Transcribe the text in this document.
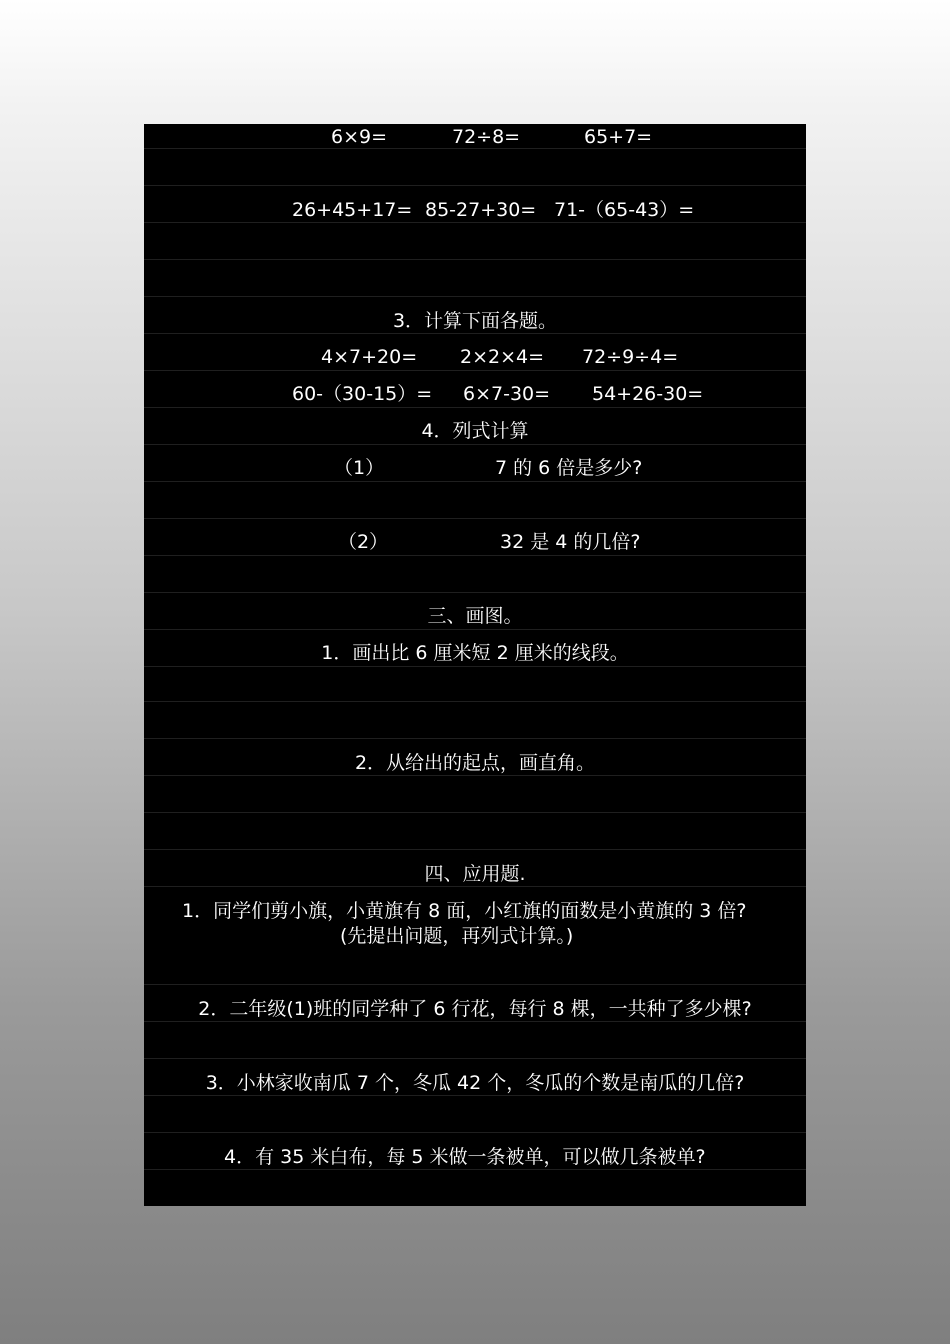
6×9=	72÷8=	65+7=
26+45+17= 85-27+30= 71-（65-43）=
3．计算下面各题。
4×7+20= 2×2×4= 72÷9÷4=
60-（30-15）= 6×7-30= 54+26-30=
4．列式计算
（1）	7 的 6 倍是多少?
（2）	32 是 4 的几倍?
三、画图。
1．画出比 6 厘米短 2 厘米的线段。
2．从给出的起点，画直角。
四、应用题.
1．同学们剪小旗，小黄旗有 8 面，小红旗的面数是小黄旗的 3 倍?
(先提出问题，再列式计算。)
2．二年级(1)班的同学种了 6 行花，每行 8 棵，一共种了多少棵?
3．小林家收南瓜 7 个，冬瓜 42 个，冬瓜的个数是南瓜的几倍?
4．有 35 米白布，每 5 米做一条被单，可以做几条被单?
